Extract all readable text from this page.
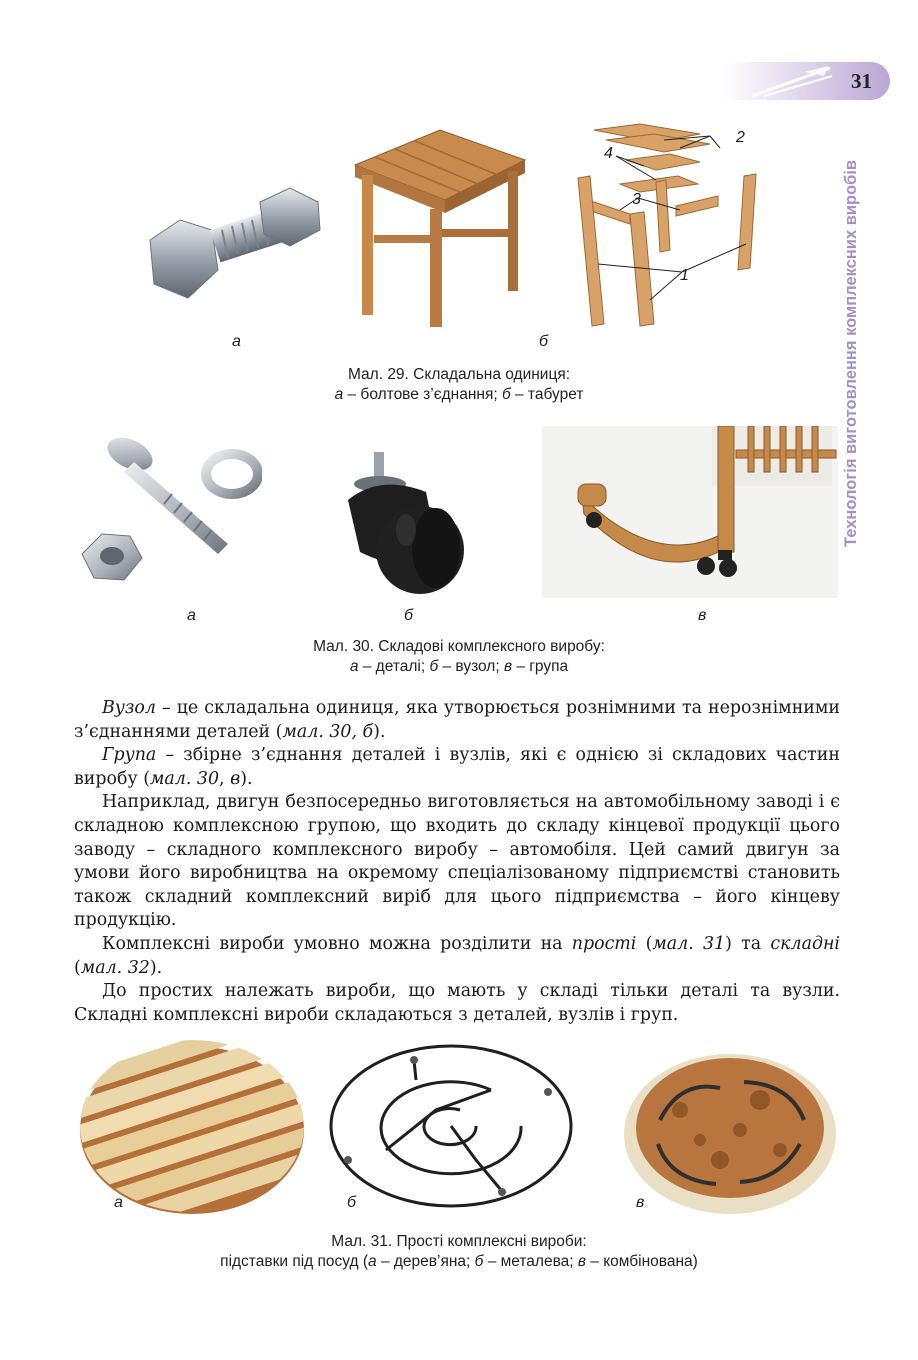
31
Технологія виготовлення комплексних виробів
2
4
3
1
а	б
Мал. 29. Складальна одиниця:
а – болтове з’єднання; б – табурет
а	б	в
Мал. 30. Складові комплексного виробу:
а – деталі; б – вузол; в – група

Вузол – це складальна одиниця, яка утворюється рознімними та нерознімними з’єднаннями деталей (мал. 30, б).

Група – збірне з’єднання деталей і вузлів, які є однією зі складових частин виробу (мал. 30, в).

Наприклад, двигун безпосередньо виготовляється на автомобільному заводі і є складною комплексною групою, що входить до складу кінцевої продукції цього заводу – складного комплексного виробу – автомобіля. Цей самий двигун за умови його виробництва на окремому спеціалізованому підприємстві становить також складний комплексний виріб для цього підприємства – його кінцеву продукцію.

Комплексні вироби умовно можна розділити на прості (мал. 31) та складні (мал. 32).

До простих належать вироби, що мають у складі тільки деталі та вузли. Складні комплексні вироби складаються з деталей, вузлів і груп.

а	б	в
Мал. 31. Прості комплексні вироби:
підставки під посуд (а – дерев’яна; б – металева; в – комбінована)
